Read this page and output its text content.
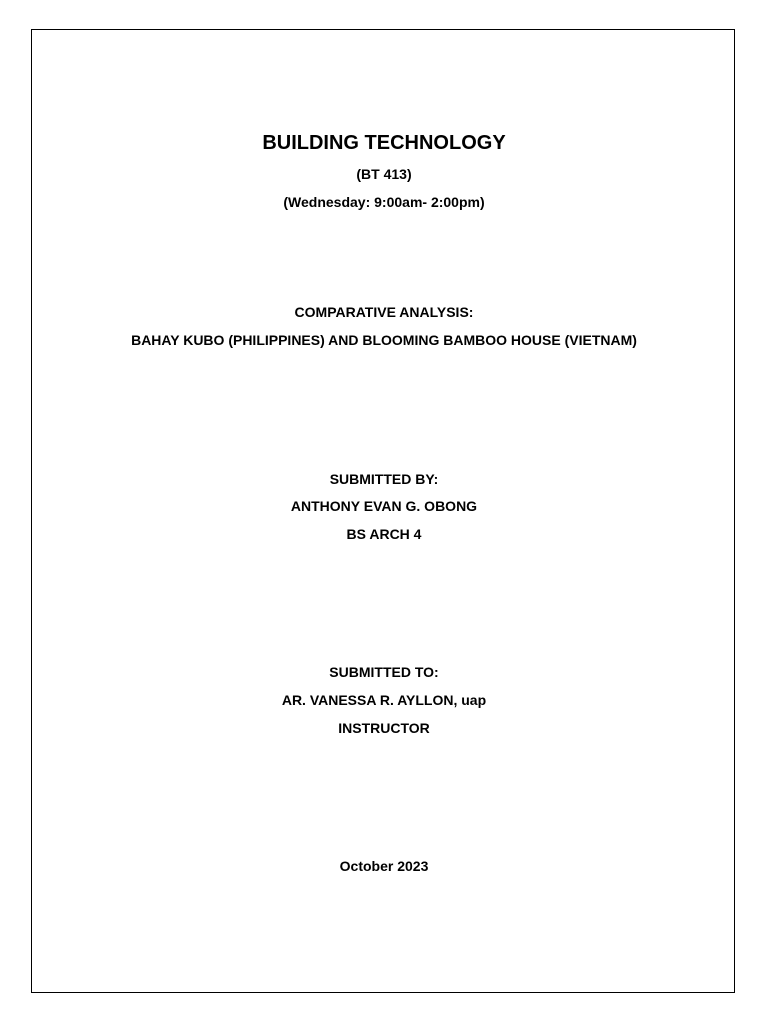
BUILDING TECHNOLOGY
(BT 413)
(Wednesday: 9:00am- 2:00pm)
COMPARATIVE ANALYSIS:
BAHAY KUBO (PHILIPPINES) AND BLOOMING BAMBOO HOUSE (VIETNAM)
SUBMITTED BY:
ANTHONY EVAN G. OBONG
BS ARCH 4
SUBMITTED TO:
AR. VANESSA R. AYLLON, uap
INSTRUCTOR
October 2023
